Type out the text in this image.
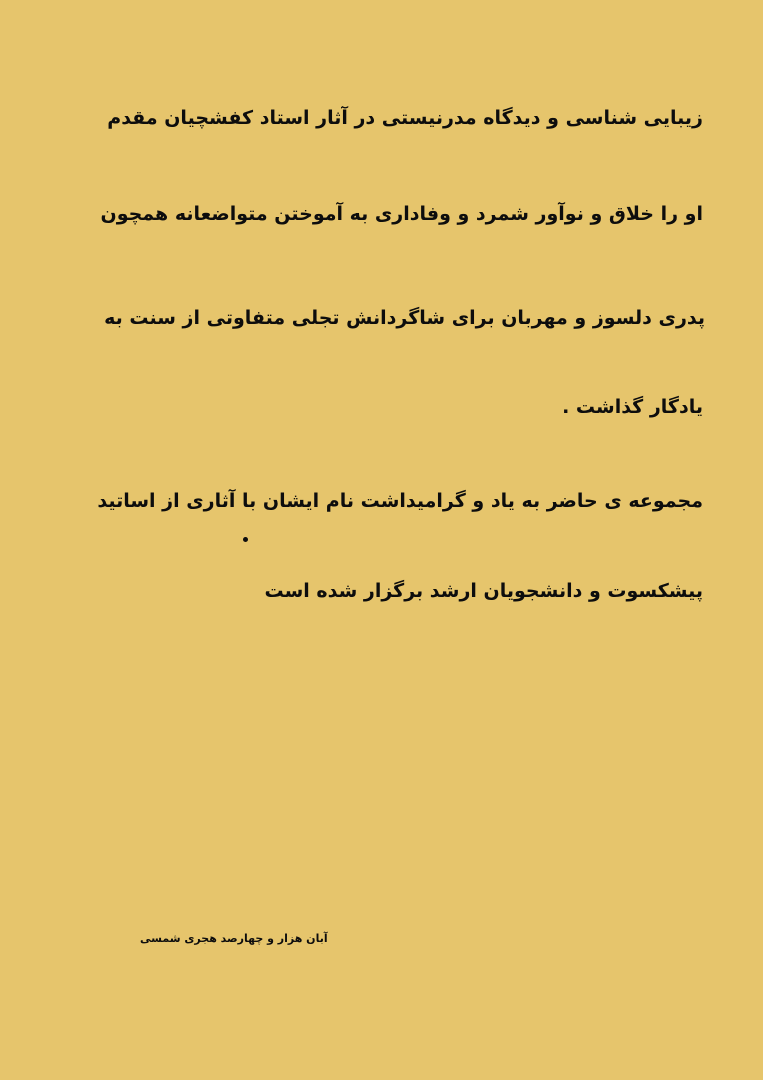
زیبایی شناسی و دیدگاه مدرنیستی در آثار استاد کفشچیان مقدم

او را خلاق و نوآور شمرد و وفاداری به آموختن متواضعانه همچون

پدری دلسوز و مهربان برای شاگردانش تجلی متفاوتی از سنت به

یادگار گذاشت .

مجموعه ی حاضر به یاد و گرامیداشت نام ایشان با آثاری از اساتید

پیشکسوت و دانشجویان ارشد برگزار شده است

آبان هزار و چهارصد هجری شمسی
